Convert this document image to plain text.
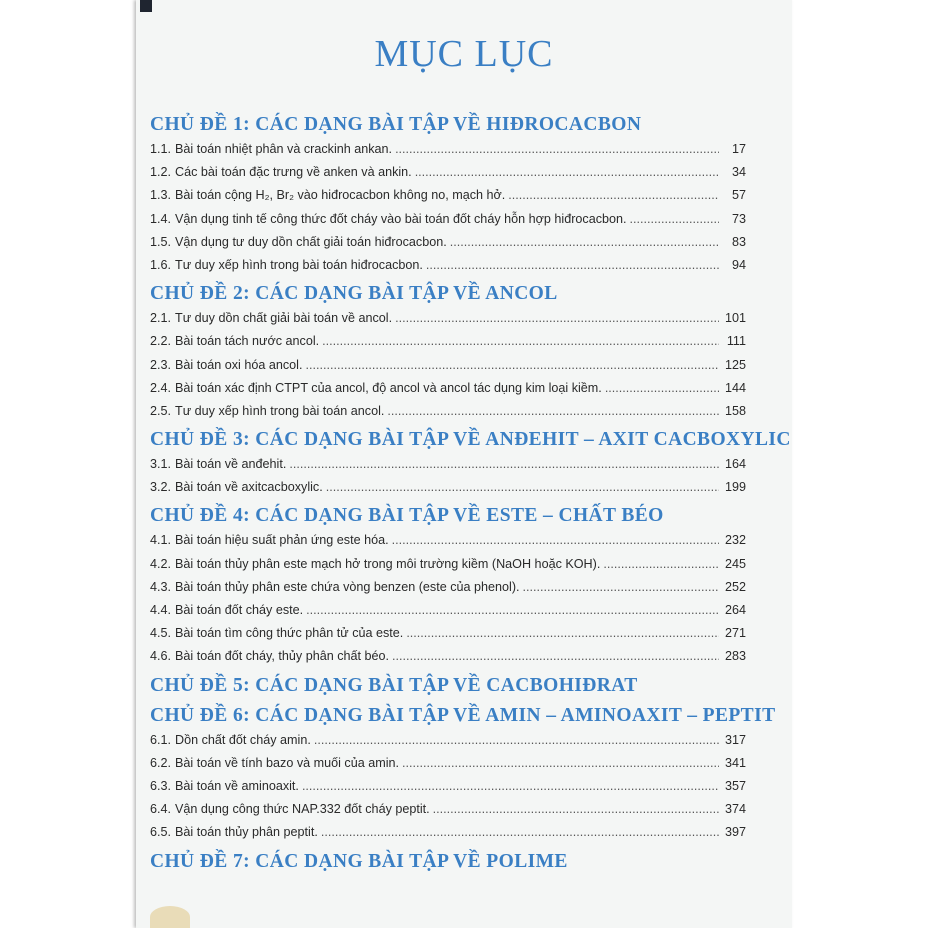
MỤC LỤC
CHỦ ĐỀ 1: CÁC DẠNG BÀI TẬP VỀ HIĐROCACBON
1.1. Bài toán nhiệt phân và crackinh ankan. .....	17
1.2. Các bài toán đặc trưng về anken và ankin. .....	34
1.3. Bài toán cộng H₂, Br₂ vào hiđrocacbon không no, mạch hở. .....	57
1.4. Vận dụng tinh tế công thức đốt cháy vào bài toán đốt cháy hỗn hợp hiđrocacbon. .....	73
1.5. Vận dụng tư duy dồn chất giải toán hiđrocacbon. .....	83
1.6. Tư duy xếp hình trong bài toán hiđrocacbon. .....	94
CHỦ ĐỀ 2: CÁC DẠNG BÀI TẬP VỀ ANCOL
2.1. Tư duy dồn chất giải bài toán về ancol. .....	101
2.2. Bài toán tách nước ancol. .....	111
2.3. Bài toán oxi hóa ancol. .....	125
2.4. Bài toán xác định CTPT của ancol, độ ancol và ancol tác dụng kim loại kiềm. .....	144
2.5. Tư duy xếp hình trong bài toán ancol. .....	158
CHỦ ĐỀ 3: CÁC DẠNG BÀI TẬP VỀ ANĐEHIT – AXIT CACBOXYLIC
3.1. Bài toán về anđehit. .....	164
3.2. Bài toán về axitcacboxylic. .....	199
CHỦ ĐỀ 4: CÁC DẠNG BÀI TẬP VỀ ESTE – CHẤT BÉO
4.1. Bài toán hiệu suất phản ứng este hóa. .....	232
4.2. Bài toán thủy phân este mạch hở trong môi trường kiềm (NaOH hoặc KOH). .....	245
4.3. Bài toán thủy phân este chứa vòng benzen (este của phenol). .....	252
4.4. Bài toán đốt cháy este. .....	264
4.5. Bài toán tìm công thức phân tử của este. .....	271
4.6. Bài toán đốt cháy, thủy phân chất béo. .....	283
CHỦ ĐỀ 5: CÁC DẠNG BÀI TẬP VỀ CACBOHIĐRAT
CHỦ ĐỀ 6: CÁC DẠNG BÀI TẬP VỀ AMIN – AMINOAXIT – PEPTIT
6.1. Dồn chất đốt cháy amin. .....	317
6.2. Bài toán về tính bazo và muối của amin. .....	341
6.3. Bài toán về aminoaxit. .....	357
6.4. Vận dụng công thức NAP.332 đốt cháy peptit. .....	374
6.5. Bài toán thủy phân peptit. .....	397
CHỦ ĐỀ 7: CÁC DẠNG BÀI TẬP VỀ POLIME
